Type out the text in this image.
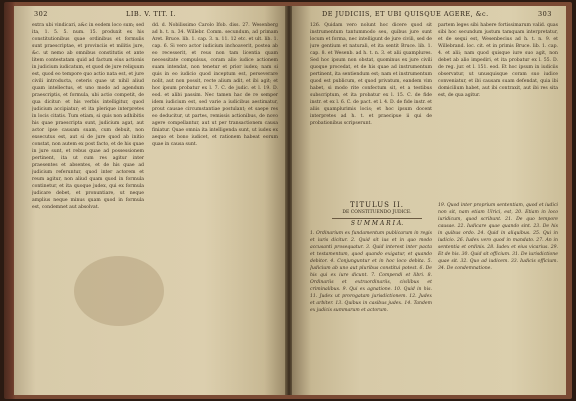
302	LIB. V. TIT. I.

extra ubi vindicari, a&c in eodem loco sum; sed ita, 1. 5. 5. num. 15. produxit ex his constitutionibus quae ordinibus et formulis sunt praescriptae, et provinciis et militis jure, &c. ut nemo ab omnibus constitutis et ante litem contestatam quid ad factum eius actionis in judicium iudicatum, et quod de jure reliquum est, quod eo tempore quo actio nata est, et jure civili introducta, ceteris quae ut nihil aliud quam intellectus, et uno modo ad agendum praescriptis, et formula, ubi actio competit, de qua dicitur: et his verbis intelligitur, quod judicium accipiatur; et ita plerique interpretes in locis citatis. Tum etiam, si quis non adhibitis his quae praescripta sunt, judicium agat, aut actor ipse causam suam, cum debuit, non exsecutus est, aut si de jure quod ab initio constat, non autem ex post facto, et de his quae in jure sunt, et rebus quae ad possessionem pertinent, ita ut cum res agitur inter praesentes et absentes, et de his quae ad judicium referuntur, quod inter actorem et reum agitur, non aliud quam quod in formula continetur, et ita quoque judex, qui ex formula judicare debet, et pronuntiare, ut neque amplius neque minus quam quod in formula est, condemnet aut absolvat.

dd. d. Nobilissimo Carolo Ifob. diss. 27. Wesenberg ad h. t. n. 34. Willebr. Comm. secundum, ad primam Aret. Bruce. lib. 1. cap. 3. n. 11. 12 etc. et ult. lib. 1. cap. 6. Si vero actor iudicium inchoaverit, postea ab eo recesserit, et reus non tam licentia quam necessitate compulsus, coram alio iudice actionem suam intendat, non tenetur et prior iudex; nam si quis in eo iudicio quod inceptum est, perseverare nolit, aut non possit, recte alium adit, et ibi agit; et hoc ipsum probatur ex l. 7. C. de judic. et l. 19. D. eod. et alibi passim. Nec tamen hac de re semper idem iudicium est, sed varie a iudicibus aestimatur, prout causae circumstantiae postulant; et saepe res eo deducitur, ut partes, remissis actionibus, de novo agere compellantur, aut ut per transactionem causa finiatur. Quae omnia ita intelligenda sunt, ut iudex ex aequo et bono iudicet, et rationem habeat eorum quae in causa sunt.

DE JUDICIIS, ET UBI QUISQUE AGERE, &c.	303

126. Quidam vero nolunt hoc dicere quod sit instrumentum tantummodo seu, quibus jure sunt locum et forma, nec intelligunt de jure civili, sed de jure gentium et naturali, et ita sentit Bruce. lib. 1. cap. 8. et Wesenb. ad h. t. n. 3. et alii quamplures. Sed hoc ipsum non obstat, quominus ex jure civili quoque procedat, et de his quae ad instrumentum pertinent, ita sentiendum est; nam et instrumentum quod est publicum, et quod privatum, eandem vim habet, si modo rite confectum sit, et a testibus subscriptum, et ita probatur ex l. 15. C. de fide instr. et ex l. 6. C. de pact. et l. 4. D. de fide instr. et aliis quamplurimis locis; et hoc ipsum docent interpretes ad h. t. et praecipue ii qui de probationibus scripserunt.

partem leges sibi habere fortissimarum valid. quas sibi hoc secundum justum tamquam interpretatur, et de sequi est, Wesenbecius ad h. t. n. 9. et Willebrand. loc. cit. et in primis Bruce. lib. 1. cap. 4. et alii; nam quod quisque iure suo agit, non debet ab alio impediri, et ita probatur ex l. 55. D. de reg. jur. et l. 151. eod. Et hoc ipsum in iudiciis observatur, ut unusquisque coram suo iudice conveniatur, et ibi causam suam defendat, quia ibi domicilium habet, aut ibi contraxit, aut ibi res sita est, de qua agitur.

TITULUS II.
DE CONSTITUENDO JUDICE.
S U M M A R I A.

1. Ordinarium ex fundamentum publicarum in regis et iuris dicitur. 2. Quid sit ius et in quo modo accusanti prosequatur. 3. Quid interest inter pacta et testamentum, quod quando exigatur, et quando debitor. 4. Conjunguntur et in hoc loco debita. 5. Judicium ab uno aut pluribus constitui potest. 6. De his qui ex iure dicunt. 7. Compendi et libri. 8. Ordinariis et extraordinariis, civilibus et criminalibus. 9. Qui ex agnatione. 10. Quid in his. 11. Judex ut prorogatam jurisdictionem. 12. Judex et arbiter. 13. Quibus in casibus judex. 14. Tandem ex judicis summarum et actorum.

19. Quod inter proprium sententiam, quod et iudici non sit, nam etiam Ulrici, est, 20. Etiam in loco iuridicum, quod scribunt. 21. De quo tempore causae. 22. Iudicare quae quando sint. 23. De his in quibus ordo. 24. Quid in aliquibus. 25. Qui in iudicio. 26. Iudex vero quod in mandato. 27. An in sententia et ordinis. 28. Iudex et eius vicarius. 29. Et de his. 30. Quid sit officium. 31. De iurisdictione quae sit. 32. Quo ad iudicem. 33. Iudicis officium. 34. De condemnatione.
